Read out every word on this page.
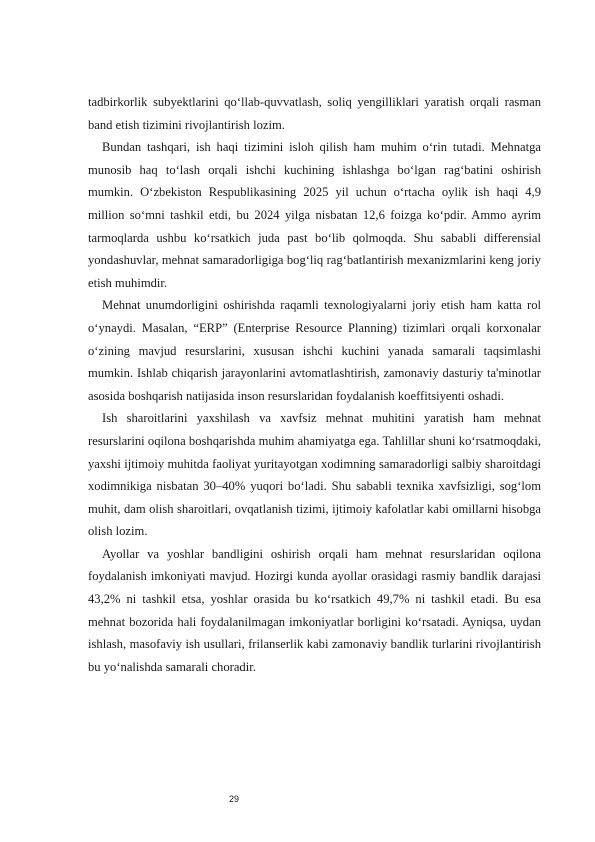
tadbirkorlik subyektlarini qo‘llab-quvvatlash, soliq yengilliklari yaratish orqali rasman band etish tizimini rivojlantirish lozim.

Bundan tashqari, ish haqi tizimini isloh qilish ham muhim o‘rin tutadi. Mehnatga munosib haq to‘lash orqali ishchi kuchining ishlashga bo‘lgan rag‘batini oshirish mumkin. O‘zbekiston Respublikasining 2025 yil uchun o‘rtacha oylik ish haqi 4,9 million so‘mni tashkil etdi, bu 2024 yilga nisbatan 12,6 foizga ko‘pdir. Ammo ayrim tarmoqlarda ushbu ko‘rsatkich juda past bo‘lib qolmoqda. Shu sababli differensial yondashuvlar, mehnat samaradorligiga bog‘liq rag‘batlantirish mexanizmlarini keng joriy etish muhimdir.

Mehnat unumdorligini oshirishda raqamli texnologiyalarni joriy etish ham katta rol o‘ynaydi. Masalan, “ERP” (Enterprise Resource Planning) tizimlari orqali korxonalar o‘zining mavjud resurslarini, xususan ishchi kuchini yanada samarali taqsimlashi mumkin. Ishlab chiqarish jarayonlarini avtomatlashtirish, zamonaviy dasturiy ta'minotlar asosida boshqarish natijasida inson resurslaridan foydalanish koeffitsiyenti oshadi.

Ish sharoitlarini yaxshilash va xavfsiz mehnat muhitini yaratish ham mehnat resurslarini oqilona boshqarishda muhim ahamiyatga ega. Tahlillar shuni ko‘rsatmoqdaki, yaxshi ijtimoiy muhitda faoliyat yuritayotgan xodimning samaradorligi salbiy sharoitdagi xodimnikiga nisbatan 30–40% yuqori bo‘ladi. Shu sababli texnika xavfsizligi, sog‘lom muhit, dam olish sharoitlari, ovqatlanish tizimi, ijtimoiy kafolatlar kabi omillarni hisobga olish lozim.

Ayollar va yoshlar bandligini oshirish orqali ham mehnat resurslaridan oqilona foydalanish imkoniyati mavjud. Hozirgi kunda ayollar orasidagi rasmiy bandlik darajasi 43,2% ni tashkil etsa, yoshlar orasida bu ko‘rsatkich 49,7% ni tashkil etadi. Bu esa mehnat bozorida hali foydalanilmagan imkoniyatlar borligini ko‘rsatadi. Ayniqsa, uydan ishlash, masofaviy ish usullari, frilanserlik kabi zamonaviy bandlik turlarini rivojlantirish bu yo‘nalishda samarali choradir.

29
